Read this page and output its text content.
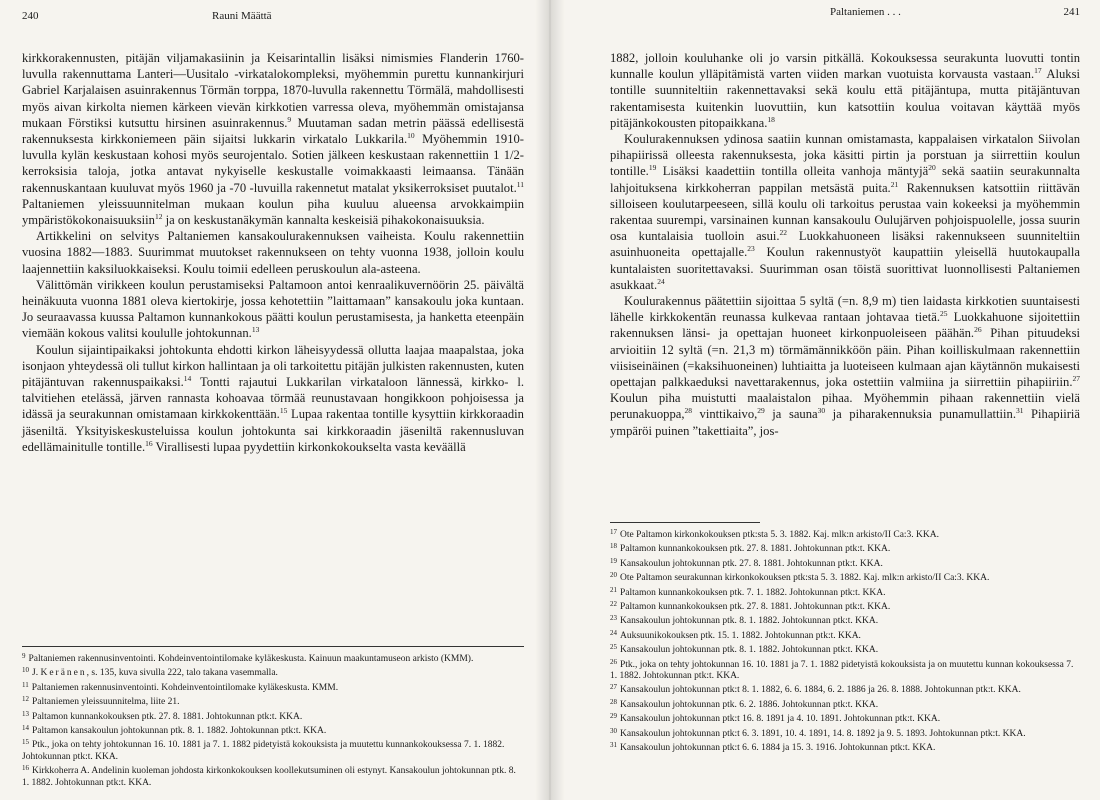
240	Rauni Määttä

kirkkorakennusten, pitäjän viljamakasiinin ja Keisarintallin lisäksi nimismies Flanderin 1760-luvulla rakennuttama Lanteri—Uusitalo -virkatalokompleksi, myöhemmin purettu kunnankirjuri Gabriel Karjalaisen asuinrakennus Törmän torppa, 1870-luvulla rakennettu Törmälä, mahdollisesti myös aivan kirkolta niemen kärkeen vievän kirkkotien varressa oleva, myöhemmän omistajansa mukaan Förstiksi kutsuttu hirsinen asuinrakennus.$^9$ Muutaman sadan metrin päässä edellisestä rakennuksesta kirkkoniemeen päin sijaitsi lukkarin virkatalo Lukkarila.$^{10}$ Myöhemmin 1910-luvulla kylän keskustaan kohosi myös seurojentalo. Sotien jälkeen keskustaan rakennettiin 1 1/2-kerroksisia taloja, jotka antavat nykyiselle keskustalle voimakkaasti leimaansa. Tänään rakennuskantaan kuuluvat myös 1960 ja -70 -luvuilla rakennetut matalat yksikerroksiset puutalot.$^{11}$ Paltaniemen yleissuunnitelman mukaan koulun piha kuuluu alueensa arvokkaimpiin ympäristökokonaisuuksiin$^{12}$ ja on keskustanäkymän kannalta keskeisiä pihakokonaisuuksia.

Artikkelini on selvitys Paltaniemen kansakoulurakennuksen vaiheista. Koulu rakennettiin vuosina 1882—1883. Suurimmat muutokset rakennukseen on tehty vuonna 1938, jolloin koulu laajennettiin kaksiluokkaiseksi. Koulu toimii edelleen peruskoulun ala-asteena.

Välittömän virikkeen koulun perustamiseksi Paltamoon antoi kenraalikuvernöörin 25. päivältä heinäkuuta vuonna 1881 oleva kiertokirje, jossa kehotettiin ”laittamaan” kansakoulu joka kuntaan. Jo seuraavassa kuussa Paltamon kunnankokous päätti koulun perustamisesta, ja hanketta eteenpäin viemään kokous valitsi koululle johtokunnan.$^{13}$

Koulun sijaintipaikaksi johtokunta ehdotti kirkon läheisyydessä ollutta laajaa maapalstaa, joka isonjaon yhteydessä oli tullut kirkon hallintaan ja oli tarkoitettu pitäjän julkisten rakennusten, kuten pitäjäntuvan rakennuspaikaksi.$^{14}$ Tontti rajautui Lukkarilan virkataloon lännessä, kirkko- l. talvitiehen etelässä, järven rannasta kohoavaa törmää reunustavaan hongikkoon pohjoisessa ja idässä ja seurakunnan omistamaan kirkkokenttään.$^{15}$ Lupaa rakentaa tontille kysyttiin kirkkoraadin jäseniltä. Yksityiskeskusteluissa koulun johtokunta sai kirkkoraadin jäseniltä rakennusluvan edellämainitulle tontille.$^{16}$ Virallisesti lupaa pyydettiin kirkonkokoukselta vasta keväällä

$^9$ Paltaniemen rakennusinventointi. Kohdeinventointilomake kyläkeskusta. Kainuun maakuntamuseon arkisto (KMM).
$^{10}$ J. Keränen, s. 135, kuva sivulla 222, talo takana vasemmalla.
$^{11}$ Paltaniemen rakennusinventointi. Kohdeinventointilomake kyläkeskusta. KMM.
$^{12}$ Paltaniemen yleissuunnitelma, liite 21.
$^{13}$ Paltamon kunnankokouksen ptk. 27. 8. 1881. Johtokunnan ptk:t. KKA.
$^{14}$ Paltamon kansakoulun johtokunnan ptk. 8. 1. 1882. Johtokunnan ptk:t. KKA.
$^{15}$ Ptk., joka on tehty johtokunnan 16. 10. 1881 ja 7. 1. 1882 pidetyistä kokouksista ja muutettu kunnankokouksessa 7. 1. 1882. Johtokunnan ptk:t. KKA.
$^{16}$ Kirkkoherra A. Andelinin kuoleman johdosta kirkonkokouksen koollekutsuminen oli estynyt. Kansakoulun johtokunnan ptk. 8. 1. 1882. Johtokunnan ptk:t. KKA.
Paltaniemen . . .	241

1882, jolloin kouluhanke oli jo varsin pitkällä. Kokouksessa seurakunta luovutti tontin kunnalle koulun ylläpitämistä varten viiden markan vuotuista korvausta vastaan.$^{17}$ Aluksi tontille suunniteltiin rakennettavaksi sekä koulu että pitäjäntupa, mutta pitäjäntuvan rakentamisesta kuitenkin luovuttiin, kun katsottiin koulua voitavan käyttää myös pitäjänkokousten pitopaikkana.$^{18}$

Koulurakennuksen ydinosa saatiin kunnan omistamasta, kappalaisen virkatalon Siivolan pihapiirissä olleesta rakennuksesta, joka käsitti pirtin ja porstuan ja siirrettiin koulun tontille.$^{19}$ Lisäksi kaadettiin tontilla olleita vanhoja mäntyjä$^{20}$ sekä saatiin seurakunnalta lahjoituksena kirkkoherran pappilan metsästä puita.$^{21}$ Rakennuksen katsottiin riittävän silloiseen koulutarpeeseen, sillä koulu oli tarkoitus perustaa vain kokeeksi ja myöhemmin rakentaa suurempi, varsinainen kunnan kansakoulu Oulujärven pohjoispuolelle, jossa suurin osa kuntalaisia tuolloin asui.$^{22}$ Luokkahuoneen lisäksi rakennukseen suunniteltiin asuinhuoneita opettajalle.$^{23}$ Koulun rakennustyöt kaupattiin yleisellä huutokaupalla kuntalaisten suoritettavaksi. Suurimman osan töistä suorittivat luonnollisesti Paltaniemen asukkaat.$^{24}$

Koulurakennus päätettiin sijoittaa 5 syltä (=n. 8,9 m) tien laidasta kirkkotien suuntaisesti lähelle kirkkokentän reunassa kulkevaa rantaan johtavaa tietä.$^{25}$ Luokkahuone sijoitettiin rakennuksen länsi- ja opettajan huoneet kirkonpuoleiseen päähän.$^{26}$ Pihan pituudeksi arvioitiin 12 syltä (=n. 21,3 m) törmämännikköön päin. Pihan koilliskulmaan rakennettiin viisiseinäinen (=kaksihuoneinen) luhtiaitta ja luoteiseen kulmaan ajan käytännön mukaisesti opettajan palkkaeduksi navettarakennus, joka ostettiin valmiina ja siirrettiin pihapiiriin.$^{27}$ Koulun piha muistutti maalaistalon pihaa. Myöhemmin pihaan rakennettiin vielä perunakuoppa,$^{28}$ vinttikaivo,$^{29}$ ja sauna$^{30}$ ja piharakennuksia punamullattiin.$^{31}$ Pihapiiriä ympäröi puinen ”takettiaita”, jos-

$^{17}$ Ote Paltamon kirkonkokouksen ptk:sta 5. 3. 1882. Kaj. mlk:n arkisto/II Ca:3. KKA.
$^{18}$ Paltamon kunnankokouksen ptk. 27. 8. 1881. Johtokunnan ptk:t. KKA.
$^{19}$ Kansakoulun johtokunnan ptk. 27. 8. 1881. Johtokunnan ptk:t. KKA.
$^{20}$ Ote Paltamon seurakunnan kirkonkokouksen ptk:sta 5. 3. 1882. Kaj. mlk:n arkisto/II Ca:3. KKA.
$^{21}$ Paltamon kunnankokouksen ptk. 7. 1. 1882. Johtokunnan ptk:t. KKA.
$^{22}$ Paltamon kunnankokouksen ptk. 27. 8. 1881. Johtokunnan ptk:t. KKA.
$^{23}$ Kansakoulun johtokunnan ptk. 8. 1. 1882. Johtokunnan ptk:t. KKA.
$^{24}$ Auksuunikokouksen ptk. 15. 1. 1882. Johtokunnan ptk:t. KKA.
$^{25}$ Kansakoulun johtokunnan ptk. 8. 1. 1882. Johtokunnan ptk:t. KKA.
$^{26}$ Ptk., joka on tehty johtokunnan 16. 10. 1881 ja 7. 1. 1882 pidetyistä kokouksista ja on muutettu kunnan kokouksessa 7. 1. 1882. Johtokunnan ptk:t. KKA.
$^{27}$ Kansakoulun johtokunnan ptk:t 8. 1. 1882, 6. 6. 1884, 6. 2. 1886 ja 26. 8. 1888. Johtokunnan ptk:t. KKA.
$^{28}$ Kansakoulun johtokunnan ptk. 6. 2. 1886. Johtokunnan ptk:t. KKA.
$^{29}$ Kansakoulun johtokunnan ptk:t 16. 8. 1891 ja 4. 10. 1891. Johtokunnan ptk:t. KKA.
$^{30}$ Kansakoulun johtokunnan ptk:t 6. 3. 1891, 10. 4. 1891, 14. 8. 1892 ja 9. 5. 1893. Johtokunnan ptk:t. KKA.
$^{31}$ Kansakoulun johtokunnan ptk:t 6. 6. 1884 ja 15. 3. 1916. Johtokunnan ptk:t. KKA.
